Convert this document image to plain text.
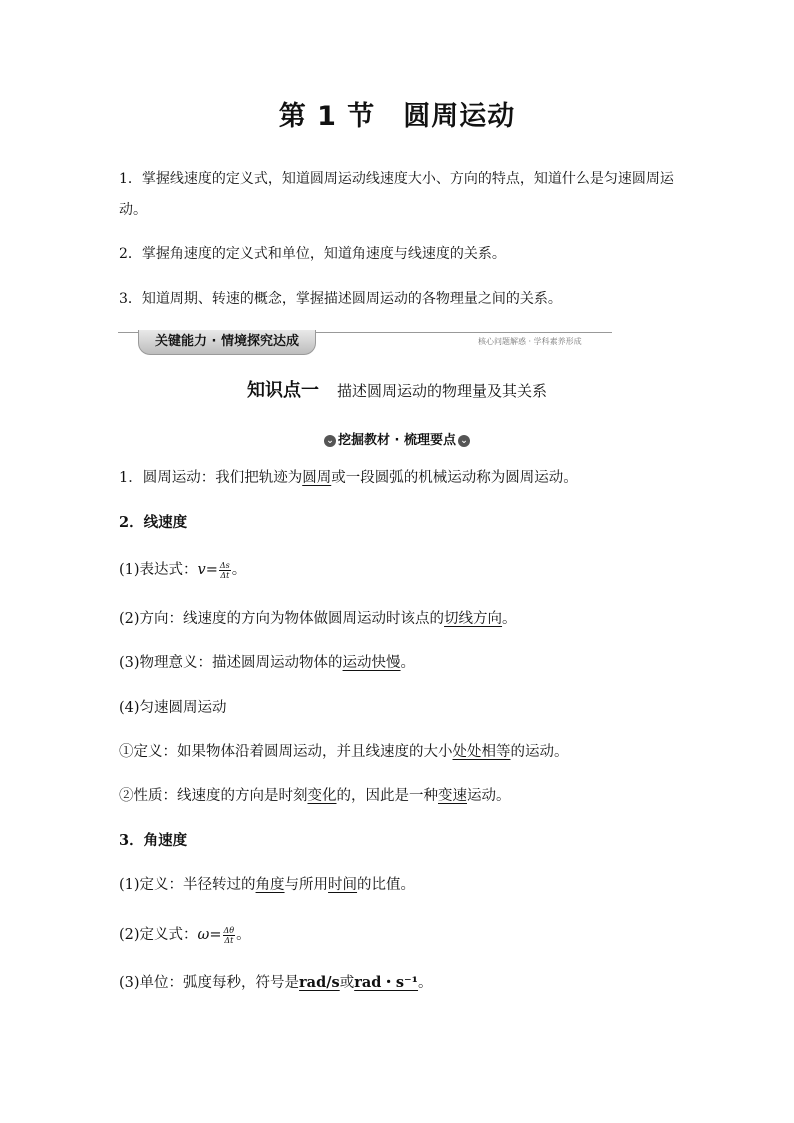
第 1 节　圆周运动
1．掌握线速度的定义式，知道圆周运动线速度大小、方向的特点，知道什么是匀速圆周运动。
2．掌握角速度的定义式和单位，知道角速度与线速度的关系。
3．知道周期、转速的概念，掌握描述圆周运动的各物理量之间的关系。
关键能力 · 情境探究达成	核心问题解惑 · 学科素养形成
知识点一 描述圆周运动的物理量及其关系
⌄ 挖掘教材 · 梳理要点 ⌄
1．圆周运动：我们把轨迹为圆周或一段圆弧的机械运动称为圆周运动。
2．线速度
(1)表达式：$v= \frac{\Delta s}{\Delta t}$ 。
(2)方向：线速度的方向为物体做圆周运动时该点的切线方向。
(3)物理意义：描述圆周运动物体的运动快慢。
(4)匀速圆周运动
①定义：如果物体沿着圆周运动，并且线速度的大小处处相等的运动。
②性质：线速度的方向是时刻变化的，因此是一种变速运动。
3．角速度
(1)定义：半径转过的角度与所用时间的比值。
(2)定义式：$\omega= \frac{\Delta\theta}{\Delta t}$ 。
(3)单位：弧度每秒，符号是rad/s或rad・s⁻¹。
